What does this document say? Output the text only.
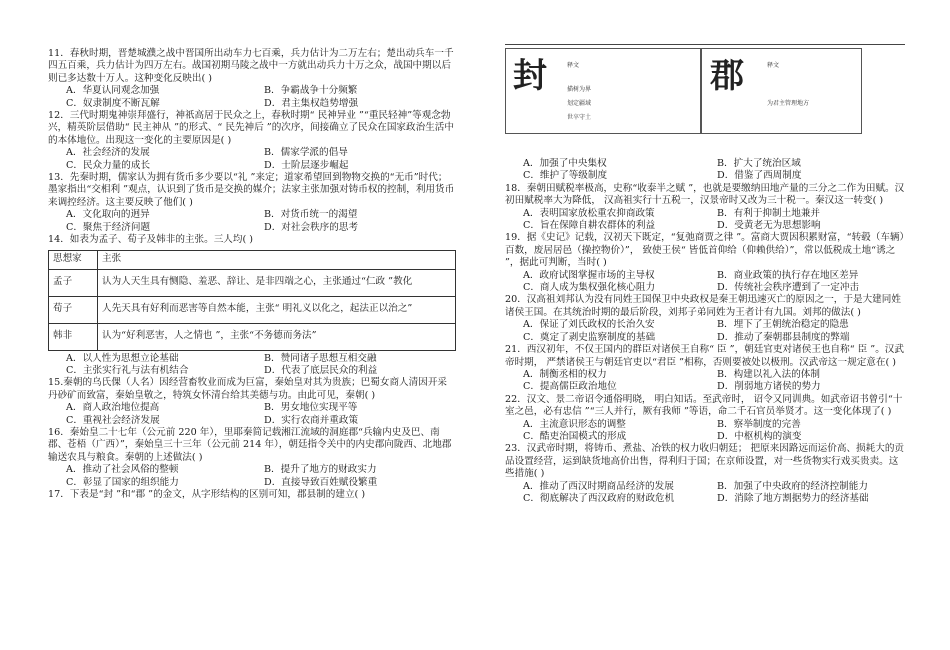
11．春秋时期，晋楚城濮之战中晋国所出动车力七百乘，兵力估计为二万左右；楚出动兵车一千四五百乘，兵力估计为四万左右。战国初期马陵之战中一方就出动兵力十万之众，战国中期以后则已多达数十万人。这种变化反映出( )

A．华夏认同观念加强	B．争霸战争十分频繁
C．奴隶制度不断瓦解	D．君主集权趋势增强

12．三代时期鬼神崇拜盛行，神祇高居于民众之上，春秋时期“ 民神异业 ”“重民轻神”等观念勃兴，精英阶层借助“ 民主神从 ”的形式、“ 民先神后 ”的次序，间接确立了民众在国家政治生活中的本体地位。出现这一变化的主要原因是( )

A．社会经济的发展	B．儒家学派的倡导
C．民众力量的成长	D．士阶层逐步崛起

13．先秦时期，儒家认为拥有货币多少要以“礼 ”来定；道家希望回到物物交换的“无币”时代；墨家指出“交相利 ”观点，认识到了货币是交换的媒介；法家主张加强对铸币权的控制，利用货币来调控经济。这主要反映了他们( )

A．文化取向的迥异	B．对货币统一的渴望
C．聚焦于经济问题	D．对社会秩序的思考

14．如表为孟子、荀子及韩非的主张。三人均( )

思想家	主张
孟子	认为人天生具有恻隐、羞恶、辞让、是非四端之心，主张通过“仁政 ”教化
荀子	人先天具有好利而恶害等自然本能，主张“ 明礼义以化之，起法正以治之”
韩非	认为“好利恶害，人之情也 ”，主张“不务德而务法”
A．以人性为思想立论基础	B．赞同诸子思想互相交融
C．主张实行礼与法有机结合	D．代表了底层民众的利益

15.秦朝的乌氏倮（人名）因经营畜牧业而成为巨富，秦始皇对其为贵族；巴蜀女商人清因开采丹砂矿而致富，秦始皇敬之，特筑女怀清台给其美德与功。由此可见，秦朝( )

A．商人政治地位提高	B．男女地位实现平等
C．重视社会经济发展	D．实行农商并重政策

16．秦始皇二十七年（公元前 220 年），里耶秦简记载湘江流域的洞庭郡“兵输内史及巴、南郡、苍梧（广西）”，秦始皇三十三年（公元前 214 年），朝廷指令关中的内史郡向陇西、北地郡输送农具与粮食。秦朝的上述做法( )

A．推动了社会风俗的整顿	B．提升了地方的财政实力
C．彰显了国家的组织能力	D．直接导致百姓赋役繁重

17．下表是“封 ”和“郡 ”的金文，从字形结构的区别可知，郡县制的建立( )

封	释文
描树为界
划定疆域
世卒守土
郡	释文
为君主管理地方
A．加强了中央集权	B．扩大了统治区域
C．维护了等级制度	D．借鉴了西周制度

18．秦朝田赋税率极高，史称“收泰半之赋 ”，也就是要缴纳田地产量的三分之二作为田赋。汉初田赋税率大为降低， 汉高祖实行十五税一，汉景帝时又改为三十税一。秦汉这一转变( )

A．表明国家放松重农抑商政策	B．有利于抑制土地兼并
C．旨在保障自耕农群体的利益	D．受黄老无为思想影响

19．据《史记》记载，汉初天下既定，“复弛商贾之律 ”。富商大贾因积累财富，“转毂（车辆）百数，废居居邑（操控物价）”， 致使王侯“ 皆低首仰给（仰赖供给）”，常以低税成土地“诱之 ”，据此可判断，当时( )

A．政府试图掌握市场的主导权	B．商业政策的执行存在地区差异
C．商人成为集权强化核心阻力	D．传统社会秩序遭到了一定冲击

20．汉高祖刘邦认为没有同姓王国保卫中央政权是秦王朝迅速灭亡的原因之一，于是大建同姓诸侯王国。在其统治时期的最后阶段，刘邦子弟同姓为王者计有九国。刘邦的做法( )

A．保证了刘氏政权的长治久安	B．埋下了王朝统治稳定的隐患
C．奠定了剥史监察制度的基础	D．推动了秦朝郡县制度的弊端

21．西汉初年，不仅王国内的群臣对诸侯王自称“ 臣 ”，朝廷官吏对诸侯王也自称“ 臣 ”。汉武帝时期， 严禁诸侯王与朝廷官吏以“君臣 ”相称，否则要被处以极刑。汉武帝这一规定意在( )

A．制衡丞相的权力	B．构建以礼入法的体制
C．提高儒臣政治地位	D．削弱地方诸侯的势力

22．汉文、景二帝诏令通俗明晓， 明白知话。至武帝时， 诏令又同训典。如武帝诏书曾引“十室之邑，必有忠信 ”“三人并行，厥有我师 ”等语，命二千石官员举贤才。这一变化体现了( )

A．主流意识形态的调整	B．察举制度的完善
C．酷吏治国模式的形成	D．中枢机构的演变

23．汉武帝时期，将铸币、煮盐、冶铁的权力收归朝廷； 把原来因路远而运价高、损耗大的贡品设置经营，运到缺货地高价出售，得利归于国；在京师设置，对一些货物实行戏买贵卖。这些措施( )

A．推动了西汉时期商品经济的发展	B．加强了中央政府的经济控制能力
C．彻底解决了西汉政府的财政危机	D．消除了地方割据势力的经济基础
